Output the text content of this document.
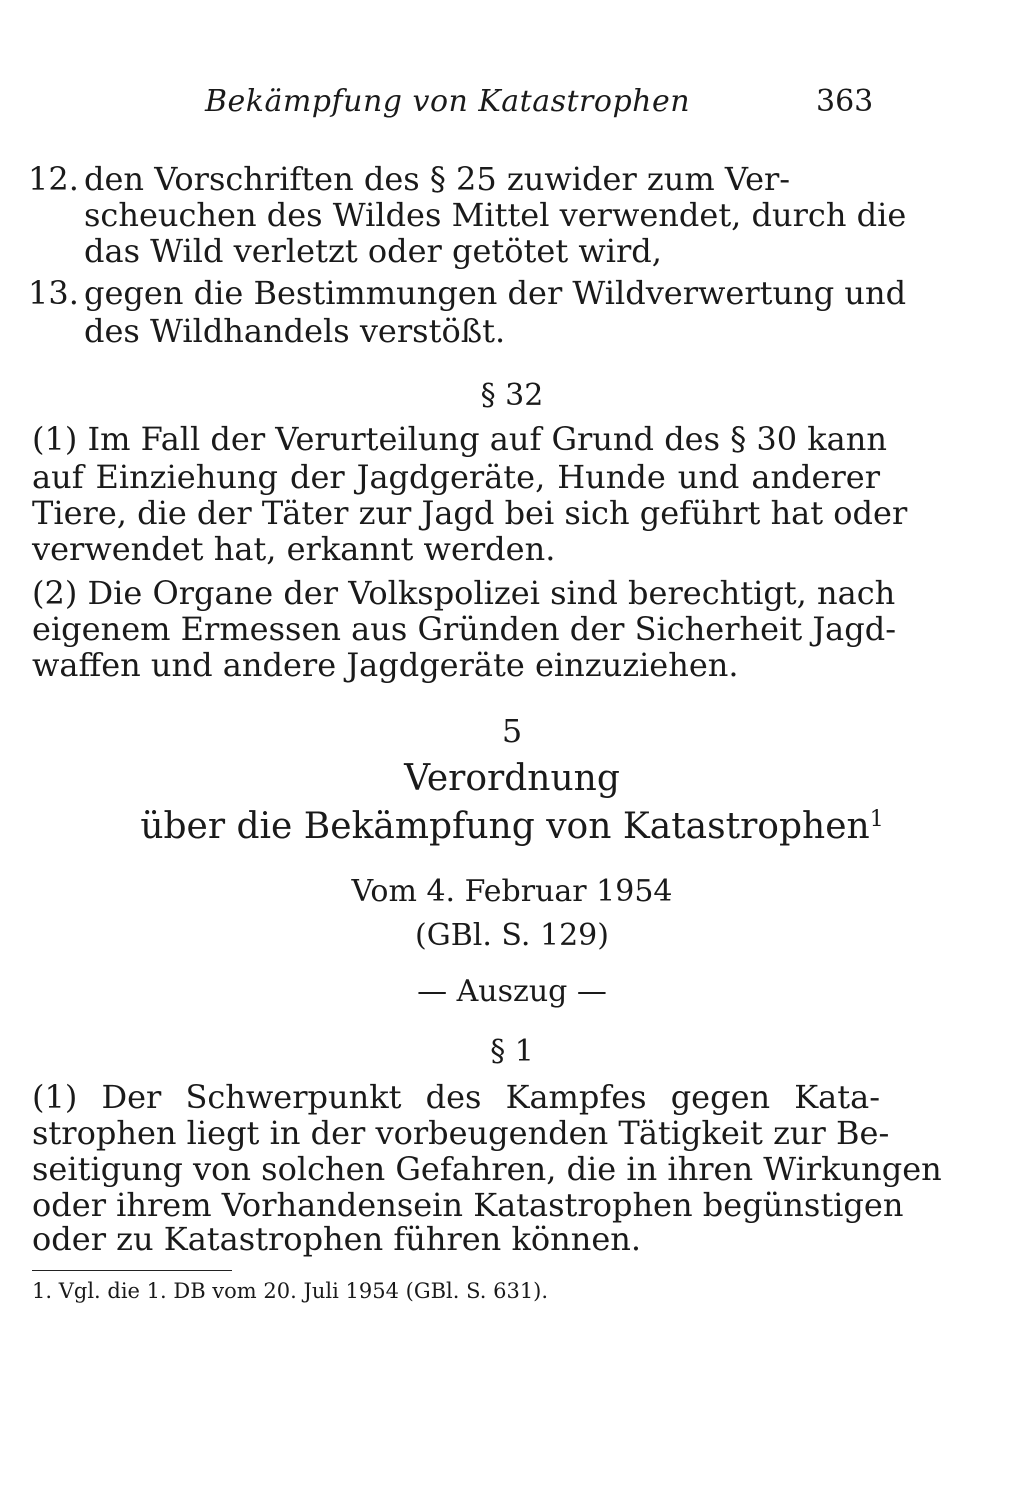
Bekämpfung von Katastrophen	363
12. den Vorschriften des § 25 zuwider zum Ver-
scheuchen des Wildes Mittel verwendet, durch die
das Wild verletzt oder getötet wird,
13. gegen die Bestimmungen der Wildverwertung und
des Wildhandels verstößt.
§ 32
(1) Im Fall der Verurteilung auf Grund des § 30 kann
auf Einziehung der Jagdgeräte, Hunde und anderer
Tiere, die der Täter zur Jagd bei sich geführt hat oder
verwendet hat, erkannt werden.
(2) Die Organe der Volkspolizei sind berechtigt, nach
eigenem Ermessen aus Gründen der Sicherheit Jagd-
waffen und andere Jagdgeräte einzuziehen.
5
Verordnung
über die Bekämpfung von Katastrophen$^1$
Vom 4. Februar 1954
(GBl. S. 129)
— Auszug —
§ 1
(1) Der Schwerpunkt des Kampfes gegen Kata-
strophen liegt in der vorbeugenden Tätigkeit zur Be-
seitigung von solchen Gefahren, die in ihren Wirkungen
oder ihrem Vorhandensein Katastrophen begünstigen
oder zu Katastrophen führen können.
1. Vgl. die 1. DB vom 20. Juli 1954 (GBl. S. 631).
